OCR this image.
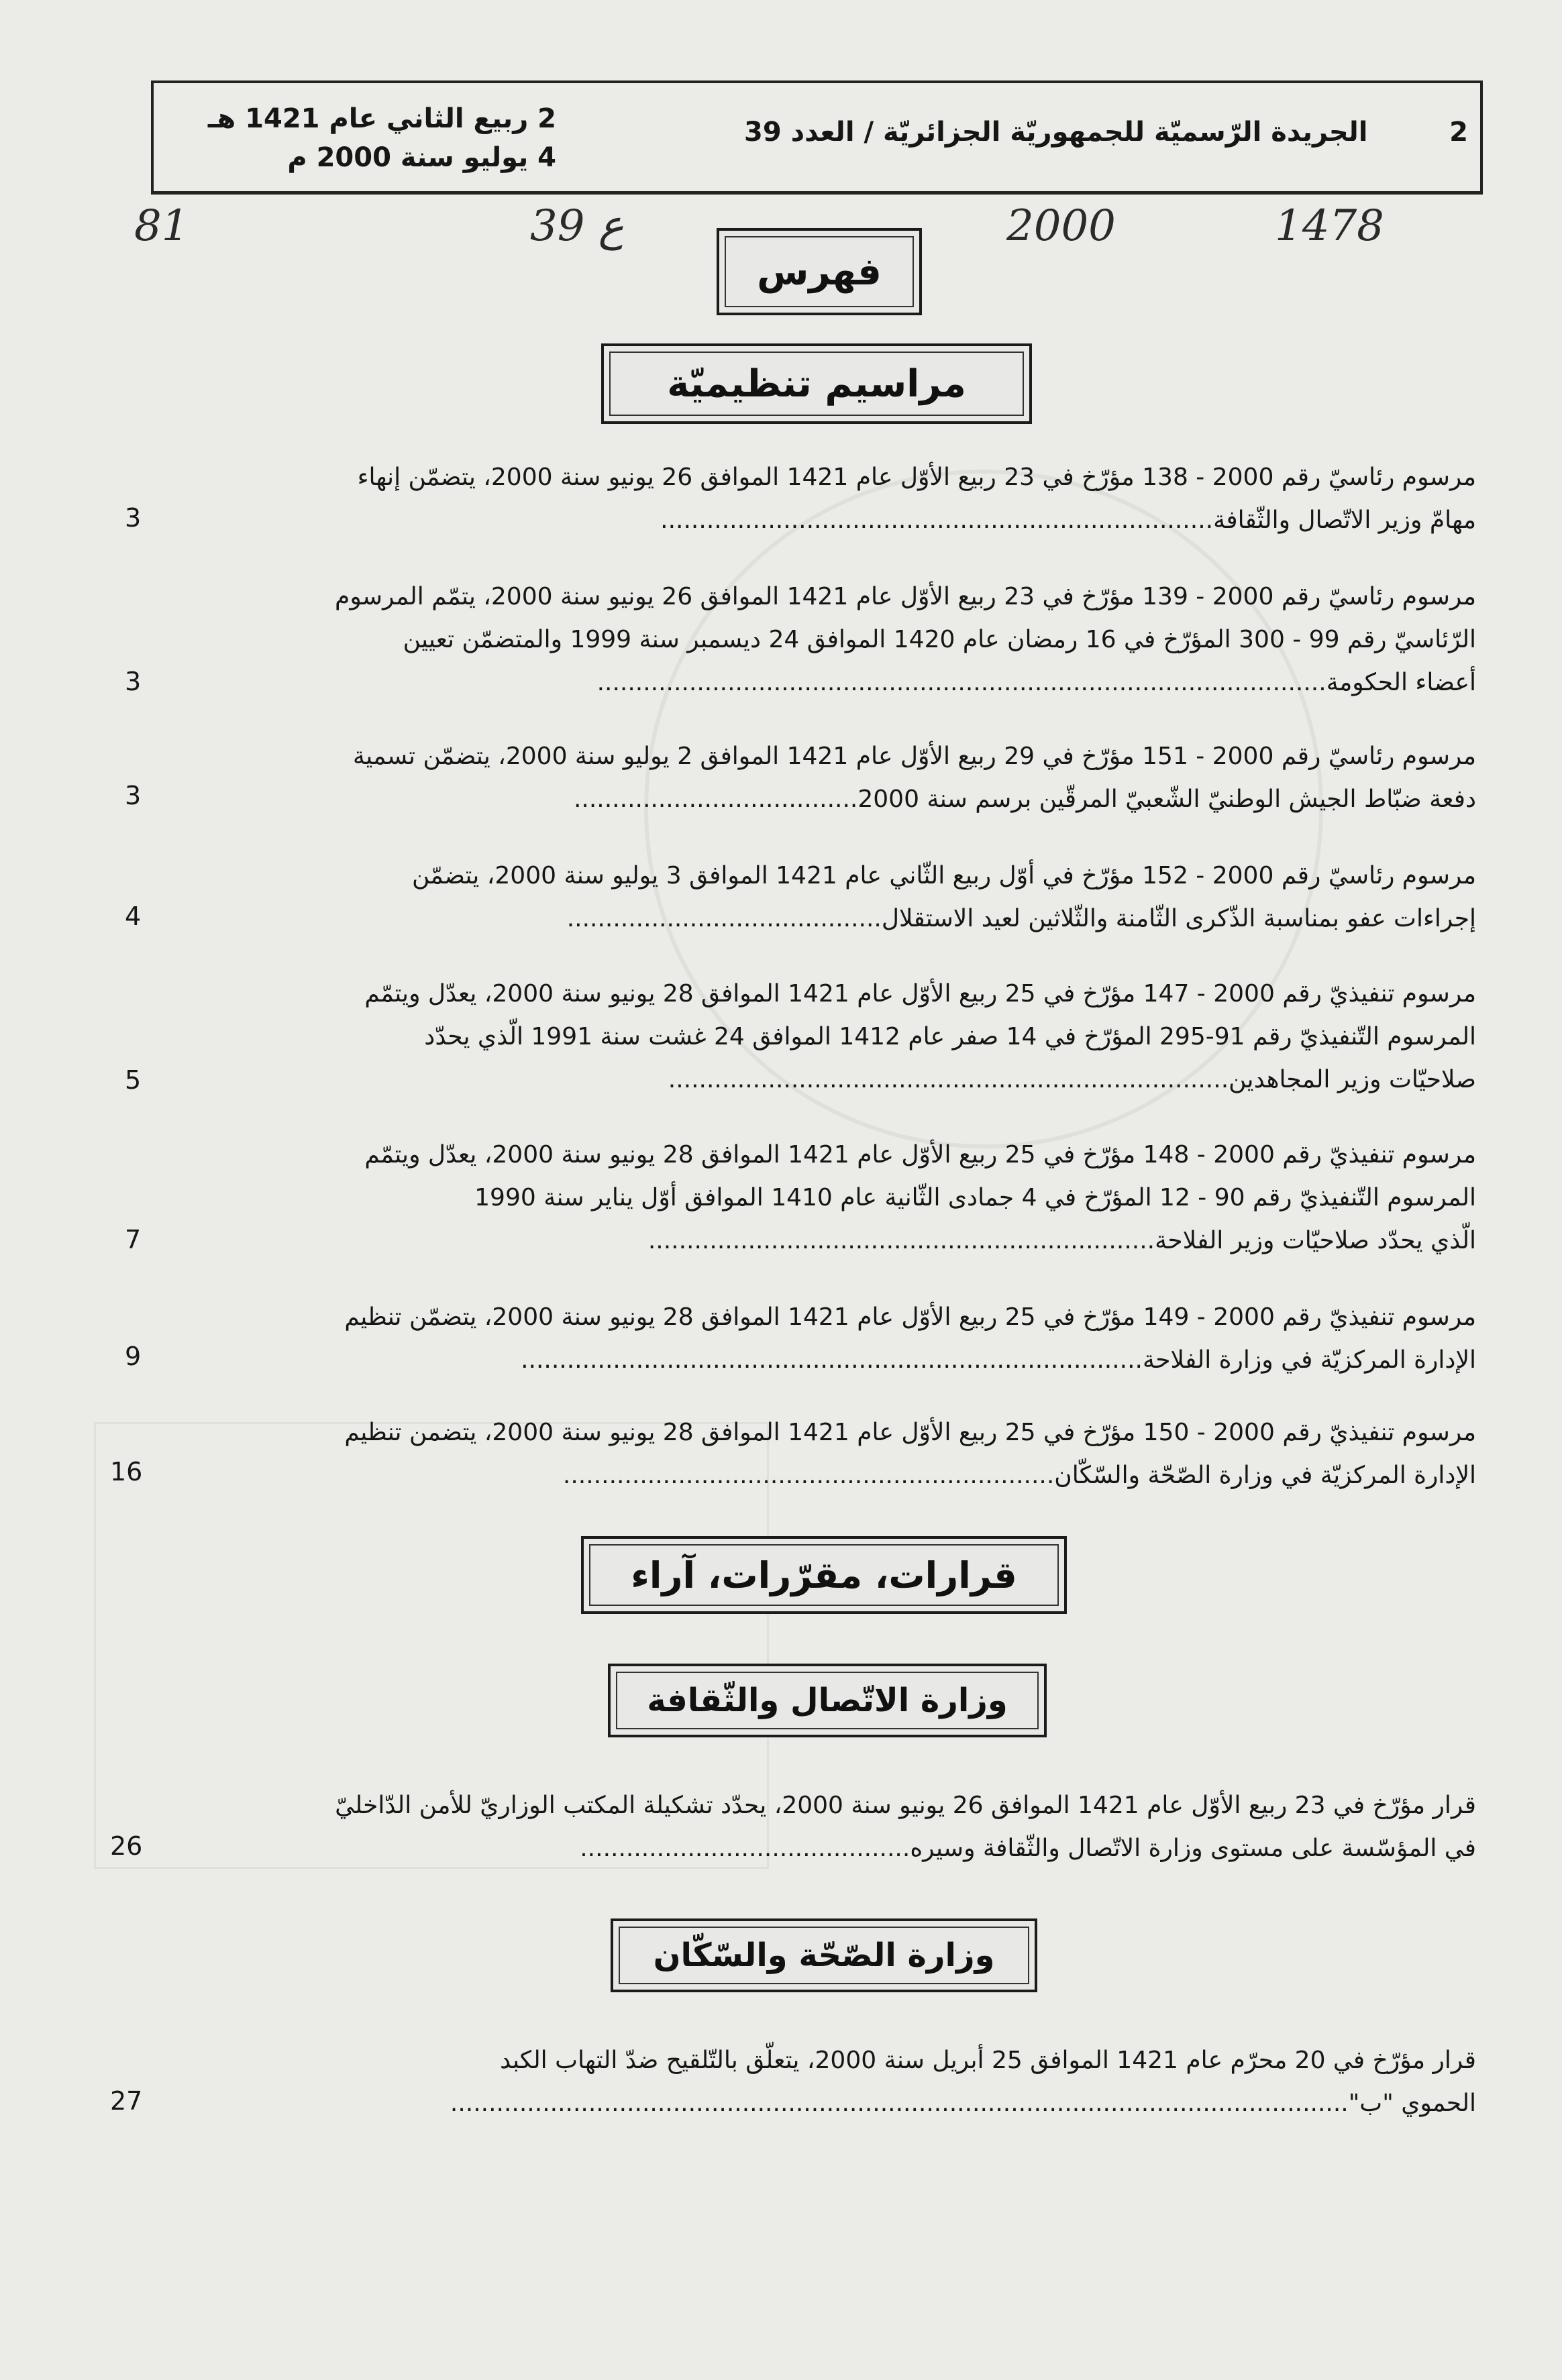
2 ربيع الثاني عام 1421 هـ
4 يوليو سنة 2000 م
الجريدة الرّسميّة للجمهوريّة الجزائريّة / العدد 39	2
81	39 ع	2000	1478
فهرس
مراسيم تنظيميّة
مرسوم رئاسيّ رقم 2000 - 138 مؤرّخ في 23 ربيع الأوّل عام 1421 الموافق 26 يونيو سنة 2000، يتضمّن إنهاء
مهامّ وزير الاتّصال والثّقافة........................................................................
3
مرسوم رئاسيّ رقم 2000 - 139 مؤرّخ في 23 ربيع الأوّل عام 1421 الموافق 26 يونيو سنة 2000، يتمّم المرسوم
الرّئاسيّ رقم 99 - 300 المؤرّخ في 16 رمضان عام 1420 الموافق 24 ديسمبر سنة 1999 والمتضمّن تعيين
أعضاء الحكومة...............................................................................................
3
مرسوم رئاسيّ رقم 2000 - 151 مؤرّخ في 29 ربيع الأوّل عام 1421 الموافق 2 يوليو سنة 2000، يتضمّن تسمية
دفعة ضبّاط الجيش الوطنيّ الشّعبيّ المرقّين برسم سنة 2000.....................................
3
مرسوم رئاسيّ رقم 2000 - 152 مؤرّخ في أوّل ربيع الثّاني عام 1421 الموافق 3 يوليو سنة 2000، يتضمّن
إجراءات عفو بمناسبة الذّكرى الثّامنة والثّلاثين لعيد الاستقلال.........................................
4
مرسوم تنفيذيّ رقم 2000 - 147 مؤرّخ في 25 ربيع الأوّل عام 1421 الموافق 28 يونيو سنة 2000، يعدّل ويتمّم
المرسوم التّنفيذيّ رقم 91-295 المؤرّخ في 14 صفر عام 1412 الموافق 24 غشت سنة 1991 الّذي يحدّد
صلاحيّات وزير المجاهدين.........................................................................
5
مرسوم تنفيذيّ رقم 2000 - 148 مؤرّخ في 25 ربيع الأوّل عام 1421 الموافق 28 يونيو سنة 2000، يعدّل ويتمّم
المرسوم التّنفيذيّ رقم 90 - 12 المؤرّخ في 4 جمادى الثّانية عام 1410 الموافق أوّل يناير سنة 1990
الّذي يحدّد صلاحيّات وزير الفلاحة..................................................................
7
مرسوم تنفيذيّ رقم 2000 - 149 مؤرّخ في 25 ربيع الأوّل عام 1421 الموافق 28 يونيو سنة 2000، يتضمّن تنظيم
الإدارة المركزيّة في وزارة الفلاحة.................................................................................
9
مرسوم تنفيذيّ رقم 2000 - 150 مؤرّخ في 25 ربيع الأوّل عام 1421 الموافق 28 يونيو سنة 2000، يتضمن تنظيم
الإدارة المركزيّة في وزارة الصّحّة والسّكّان................................................................
16
قرارات، مقرّرات، آراء
وزارة الاتّصال والثّقافة
قرار مؤرّخ في 23 ربيع الأوّل عام 1421 الموافق 26 يونيو سنة 2000، يحدّد تشكيلة المكتب الوزاريّ للأمن الدّاخليّ
في المؤسّسة على مستوى وزارة الاتّصال والثّقافة وسيره...........................................
26
وزارة الصّحّة والسّكّان
قرار مؤرّخ في 20 محرّم عام 1421 الموافق 25 أبريل سنة 2000، يتعلّق بالتّلقيح ضدّ التهاب الكبد
الحموي "ب".....................................................................................................................
27
